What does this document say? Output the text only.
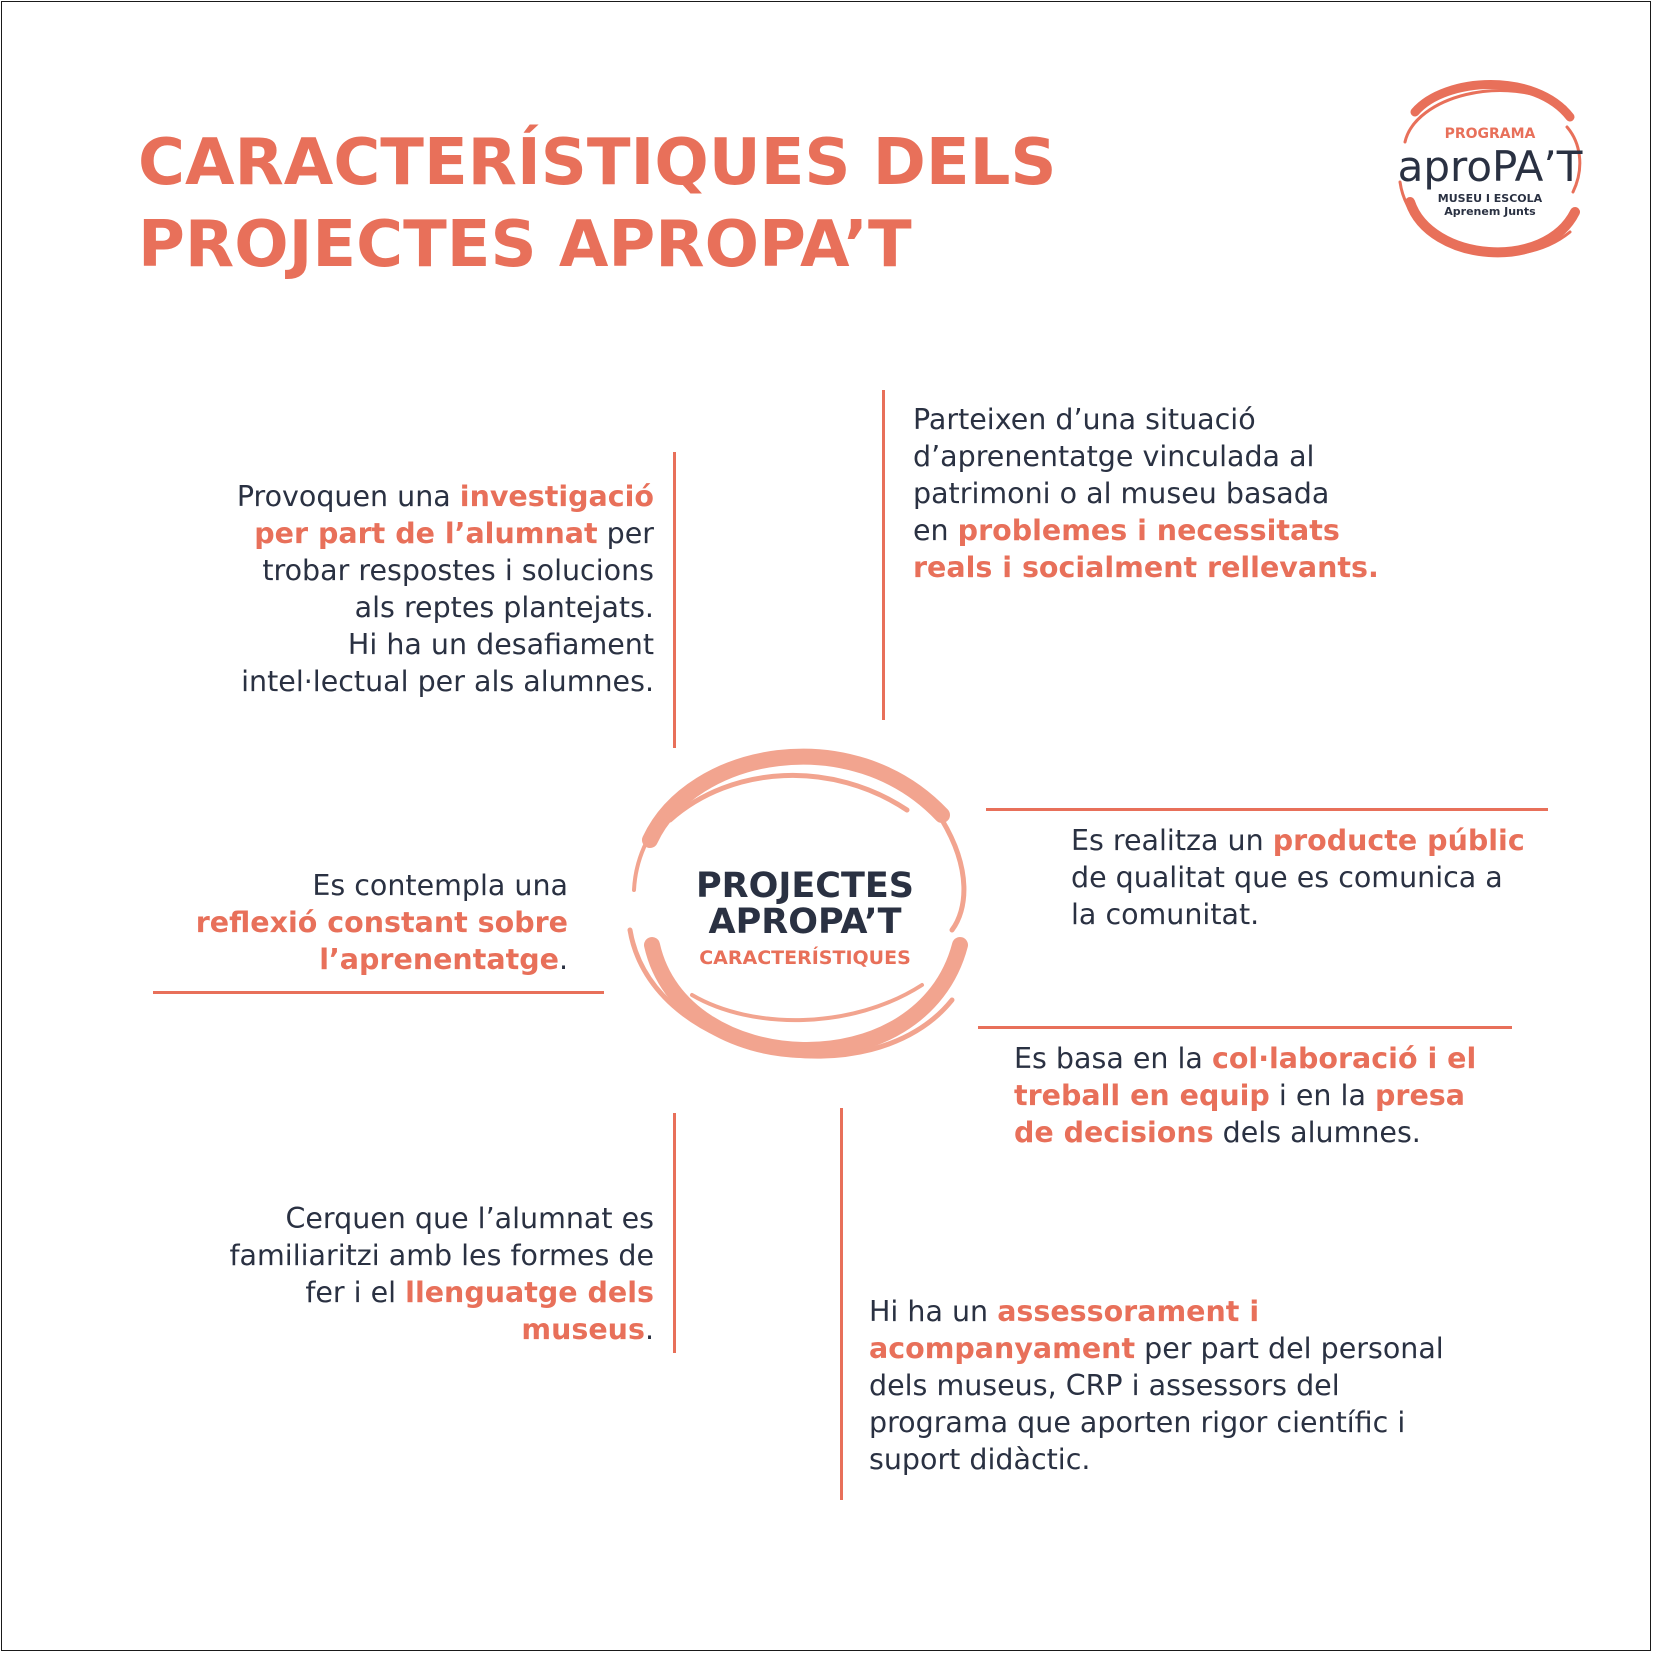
CARACTERÍSTIQUES DELS
PROJECTES APROPA’T
PROGRAMA
aproPA’T
MUSEU I ESCOLA
Aprenem Junts
PROJECTES
APROPA’T
CARACTERÍSTIQUES
Provoquen una investigació
per part de l’alumnat per
trobar respostes i solucions
als reptes plantejats.
Hi ha un desafiament
intel·lectual per als alumnes.
Parteixen d’una situació
d’aprenentatge vinculada al
patrimoni o al museu basada
en problemes i necessitats
reals i socialment rellevants.
Es contempla una
reflexió constant sobre
l’aprenentatge.
Es realitza un producte públic
de qualitat que es comunica a
la comunitat.
Es basa en la col·laboració i el
treball en equip i en la presa
de decisions dels alumnes.
Cerquen que l’alumnat es
familiaritzi amb les formes de
fer i el llenguatge dels
museus.
Hi ha un assessorament i
acompanyament per part del personal
dels museus, CRP i assessors del
programa que aporten rigor científic i
suport didàctic.
